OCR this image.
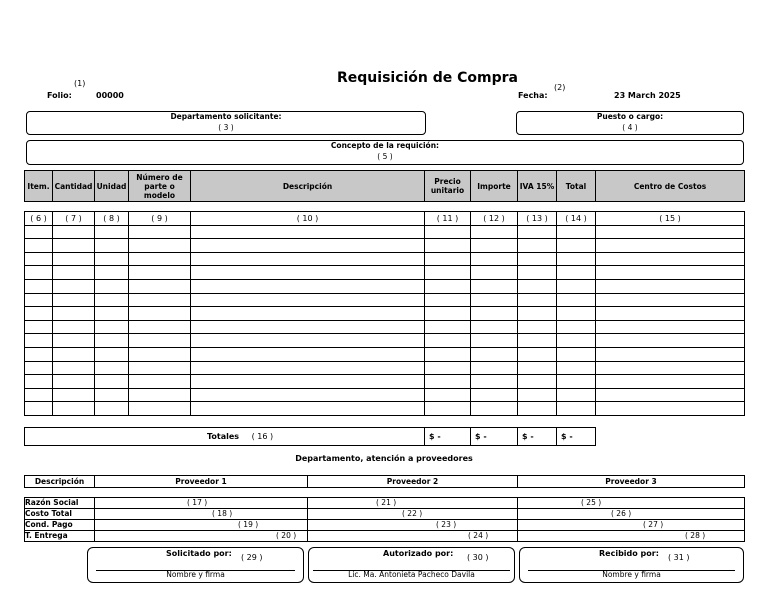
Requisición de Compra
(1)
Folio:	00000	Fecha:
(2)
23 March 2025
Departamento solicitante:
( 3 )
Puesto o cargo:
( 4 )
Concepto de la requición:
( 5 )
Item.	Cantidad	Unidad	Número de parte o modelo	Descripción	Precio unitario	Importe	IVA 15%	Total	Centro de Costos
( 6 )	( 7 )	( 8 )	( 9 )	( 10 )	( 11 )	( 12 )	( 13 )	( 14 )	( 15 )

Totales ( 16 )	$ -	$ -	$ -	$ -
Departamento, atención a proveedores
Descripción	Proveedor 1	Proveedor 2	Proveedor 3
Razón Social	( 17 )	( 21 )	( 25 )
Costo Total	( 18 )	( 22 )	( 26 )
Cond. Pago	( 19 )	( 23 )	( 27 )
T. Entrega	( 20 )	( 24 )	( 28 )
Solicitado por: ( 29 )
Nombre y firma
Autorizado por: ( 30 )
Lic. Ma. Antonieta Pacheco Davila
Recibido por: ( 31 )
Nombre y firma
